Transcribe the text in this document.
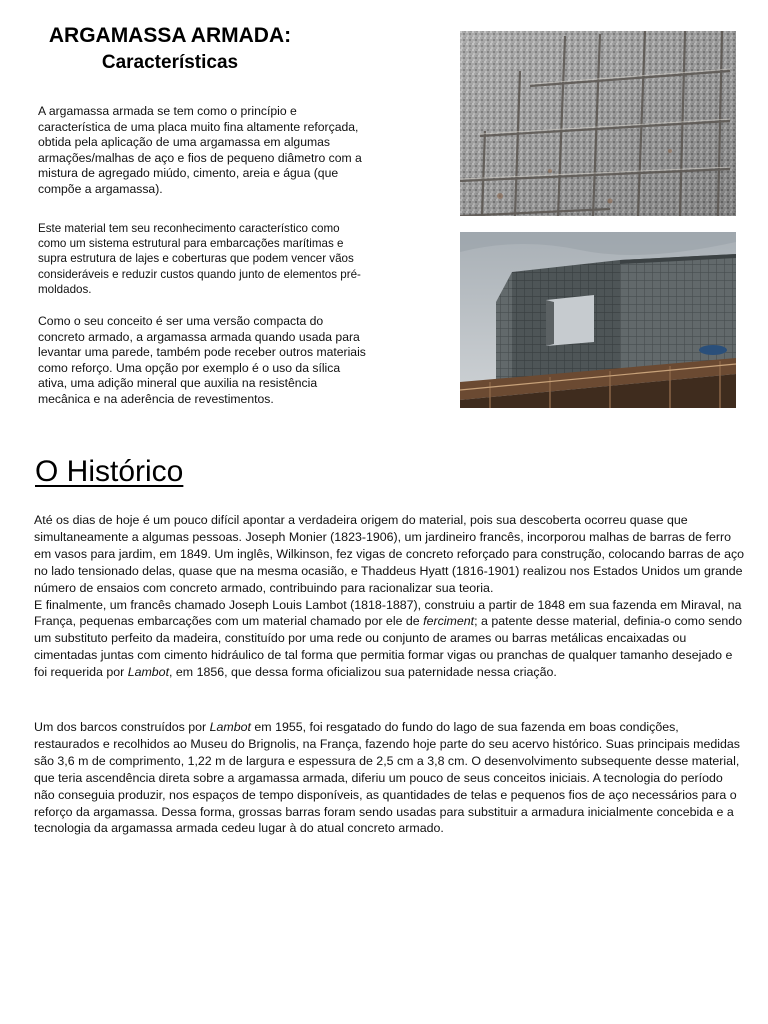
ARGAMASSA ARMADA:

Características

A argamassa armada se tem como o princípio e característica de uma placa muito fina altamente reforçada, obtida pela aplicação de uma argamassa em algumas armações/malhas de aço e fios de pequeno diâmetro com a mistura de agregado miúdo, cimento, areia e água (que compõe a argamassa).

Este material tem seu reconhecimento característico como como um sistema estrutural para embarcações marítimas e supra estrutura de lajes e coberturas que podem vencer vãos consideráveis e reduzir custos quando junto de elementos pré-moldados.

Como o seu conceito é ser uma versão compacta do concreto armado, a argamassa armada quando usada para levantar uma parede, também pode receber outros materiais como reforço. Uma opção por exemplo é o uso da sílica ativa, uma adição mineral que auxilia na resistência mecânica e na aderência de revestimentos.

O Histórico

Até os dias de hoje é um pouco difícil apontar a verdadeira origem do material, pois sua descoberta ocorreu quase que simultaneamente a algumas pessoas. Joseph Monier (1823-1906), um jardineiro francês, incorporou malhas de barras de ferro em vasos para jardim, em 1849. Um inglês, Wilkinson, fez vigas de concreto reforçado para construção, colocando barras de aço no lado tensionado delas, quase que na mesma ocasião, e Thaddeus Hyatt (1816-1901) realizou nos Estados Unidos um grande número de ensaios com concreto armado, contribuindo para racionalizar sua teoria.
E finalmente, um francês chamado Joseph Louis Lambot (1818-1887), construiu a partir de 1848 em sua fazenda em Miraval, na França, pequenas embarcações com um material chamado por ele de ferciment; a patente desse material, definia-o como sendo um substituto perfeito da madeira, constituído por uma rede ou conjunto de arames ou barras metálicas encaixadas ou cimentadas juntas com cimento hidráulico de tal forma que permitia formar vigas ou pranchas de qualquer tamanho desejado e foi requerida por Lambot, em 1856, que dessa forma oficializou sua paternidade nessa criação.

Um dos barcos construídos por Lambot em 1955, foi resgatado do fundo do lago de sua fazenda em boas condições, restaurados e recolhidos ao Museu do Brignolis, na França, fazendo hoje parte do seu acervo histórico. Suas principais medidas são 3,6 m de comprimento, 1,22 m de largura e espessura de 2,5 cm a 3,8 cm. O desenvolvimento subsequente desse material, que teria ascendência direta sobre a argamassa armada, diferiu um pouco de seus conceitos iniciais. A tecnologia do período não conseguia produzir, nos espaços de tempo disponíveis, as quantidades de telas e pequenos fios de aço necessários para o reforço da argamassa. Dessa forma, grossas barras foram sendo usadas para substituir a armadura inicialmente concebida e a tecnologia da argamassa armada cedeu lugar à do atual concreto armado.
